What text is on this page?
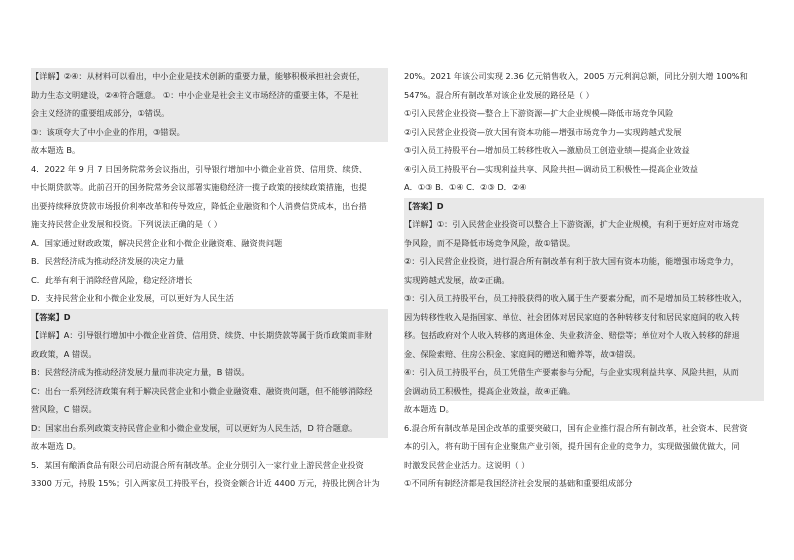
【详解】②④：从材料可以看出，中小企业是技术创新的重要力量，能够积极承担社会责任，
助力生态文明建设，②④符合题意。 ①：中小企业是社会主义市场经济的重要主体，不是社
会主义经济的重要组成部分，①错误。
③：该项夸大了中小企业的作用，③错误。
故本题选 B。
4．2022 年 9 月 7 日国务院常务会议指出，引导银行增加中小微企业首贷、信用贷、续贷、
中长期贷款等。此前召开的国务院常务会议部署实施稳经济一揽子政策的接续政策措施，也提
出要持续释放贷款市场报价利率改革和传导效应，降低企业融资和个人消费信贷成本，出台措
施支持民营企业发展和投资。下列说法正确的是（ ）
A．国家通过财政政策，解决民营企业和小微企业融资难、融资贵问题
B．民营经济成为推动经济发展的决定力量
C．此举有利于消除经营风险，稳定经济增长
D．支持民营企业和小微企业发展，可以更好为人民生活
【答案】D
【详解】A：引导银行增加中小微企业首贷、信用贷、续贷、中长期贷款等属于货币政策而非财
政政策，A 错误。
B：民营经济成为推动经济发展力量而非决定力量，B 错误。
C：出台一系列经济政策有利于解决民营企业和小微企业融资难、融资贵问题，但不能够消除经
营风险，C 错误。
D：国家出台系列政策支持民营企业和小微企业发展，可以更好为人民生活，D 符合题意。
故本题选 D。
5．某国有酿酒食品有限公司启动混合所有制改革。企业分別引入一家行业上游民营企业投资
3300 万元，持股 15%；引入两家员工持股平台，投资金额合计近 4400 万元，持股比例合计为
20%。2021 年该公司实现 2.36 亿元销售收入，2005 万元利润总额，同比分别大增 100%和
547%。混合所有制改革对该企业发展的路径是（ ）
①引入民营企业投资—整合上下游资源—扩大企业规模—降低市场竞争风险
②引入民营企业投资—放大国有资本功能—增强市场竞争力—实现跨越式发展
③引入员工持股平台—增加员工转移性收入—激励员工创造业绩—提高企业效益
④引入员工持股平台—实现利益共享、风险共担—调动员工积极性—提高企业效益
A．①③ B．①④ C．②③ D．②④
【答案】D
【详解】①：引入民营企业投资可以整合上下游资源，扩大企业规模，有利于更好应对市场竞
争风险，而不是降低市场竞争风险，故①错误。
②：引入民营企业投资，进行混合所有制改革有利于放大国有资本功能，能增强市场竞争力，
实现跨越式发展，故②正确。
③：引入员工持股平台，员工持股获得的收入属于生产要素分配，而不是增加员工转移性收入，
因为转移性收入是指国家、单位、社会团体对居民家庭的各种转移支付和居民家庭间的收入转
移。包括政府对个人收入转移的离退休金、失业救济金、赔偿等；单位对个人收入转移的辞退
金、保险索赔、住房公积金、家庭间的赠送和赡养等，故③错误。
④：引入员工持股平台，员工凭借生产要素参与分配，与企业实现利益共享、风险共担，从而
会调动员工积极性，提高企业效益，故④正确。
故本题选 D。
6.混合所有制改革是国企改革的重要突破口，国有企业推行混合所有制改革，社会资本、民营资
本的引入，将有助于国有企业聚焦产业引领，提升国有企业的竞争力，实现做强做优做大，同
时激发民营企业活力。这说明（ ）
①不同所有制经济都是我国经济社会发展的基础和重要组成部分
